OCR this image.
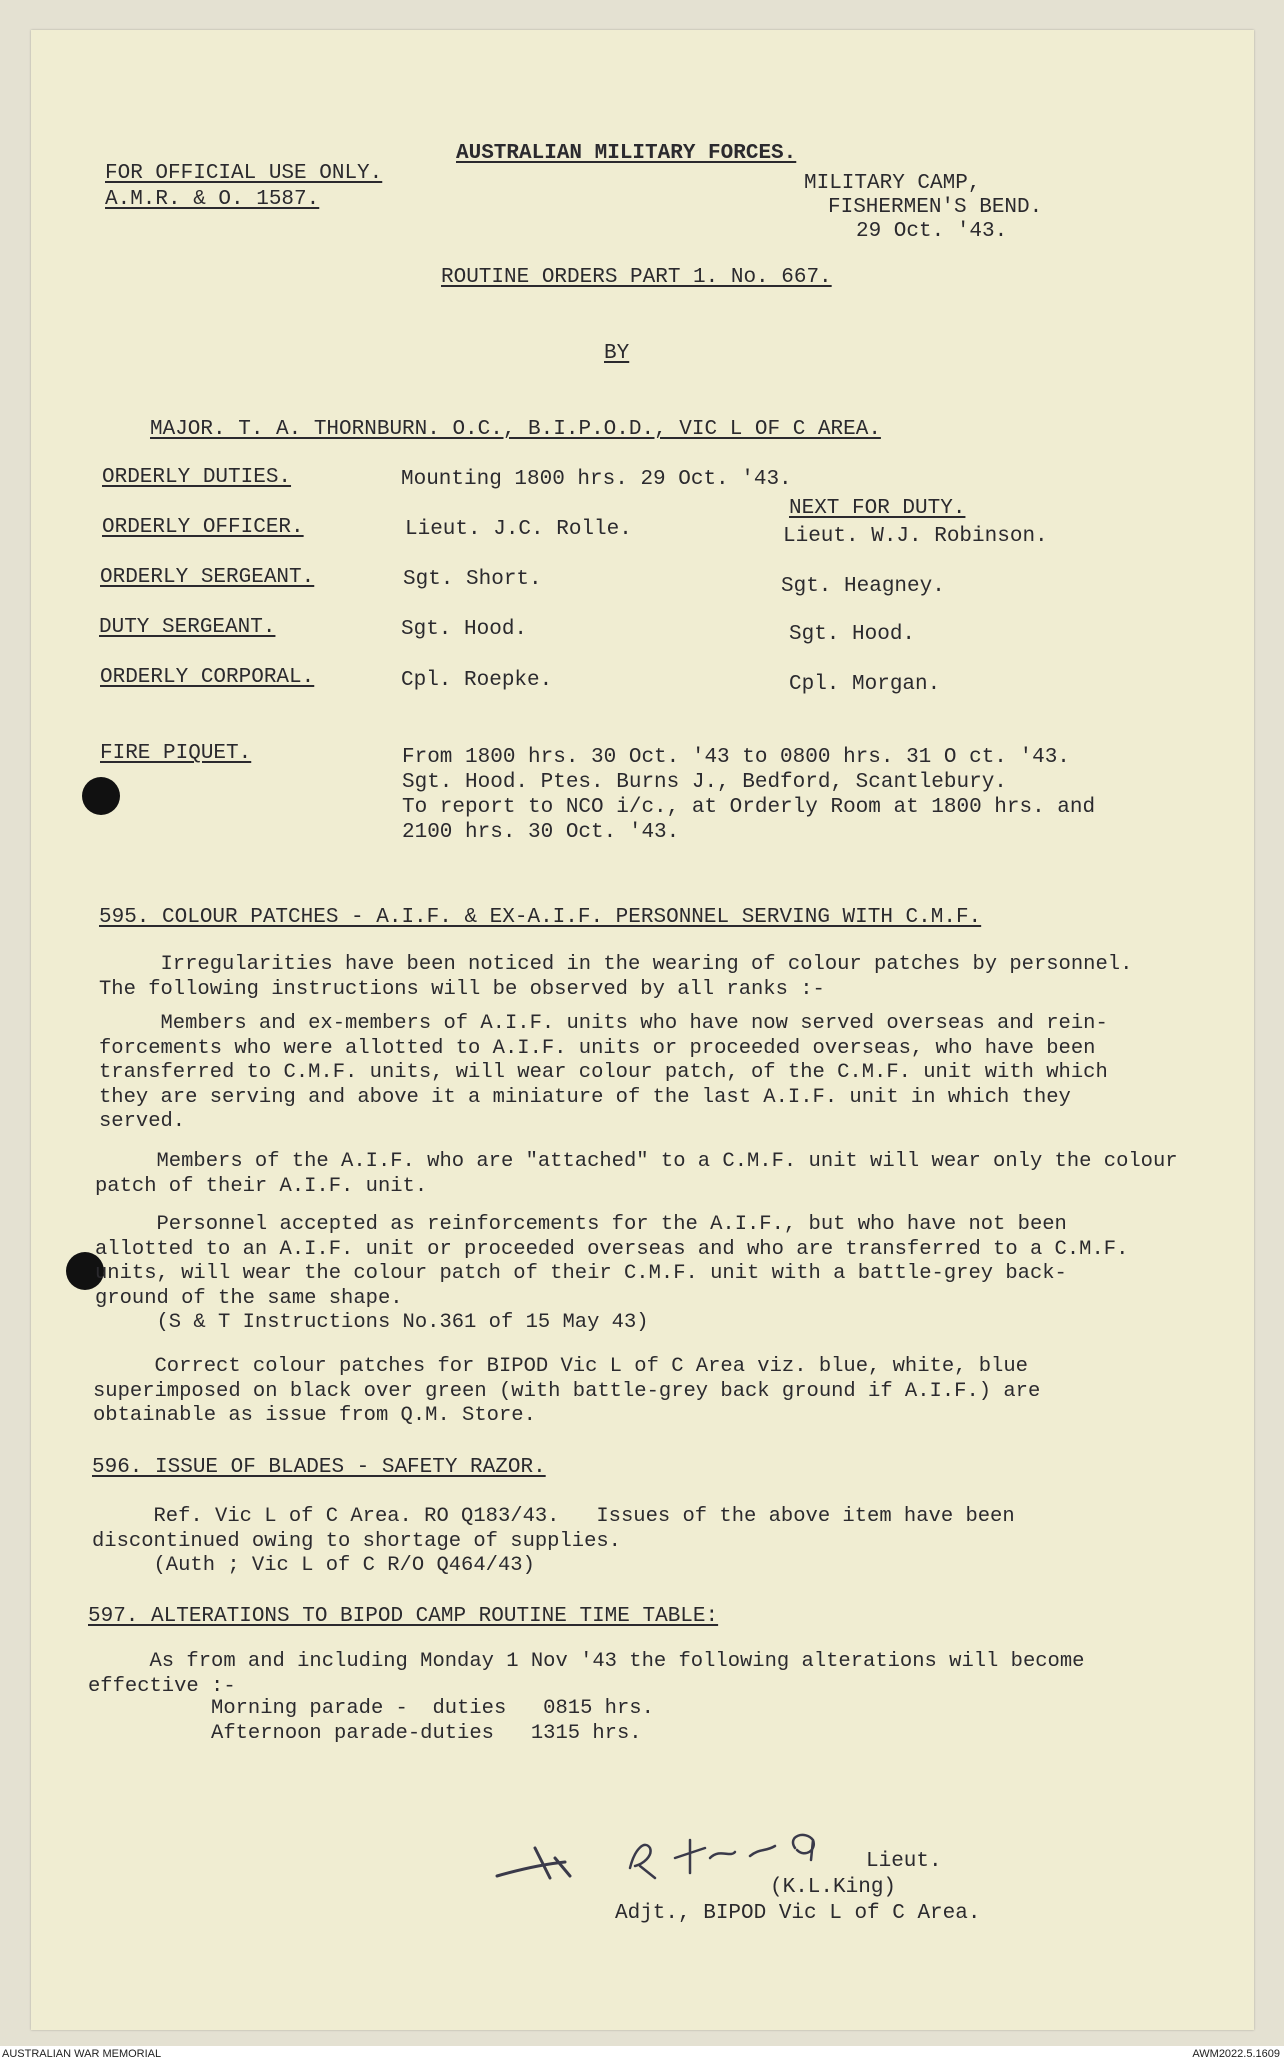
FOR OFFICIAL USE ONLY.
A.M.R. & O. 1587.
AUSTRALIAN MILITARY FORCES.
MILITARY CAMP,
FISHERMEN'S BEND.
29 Oct. '43.
ROUTINE ORDERS PART 1. No. 667.
BY
MAJOR. T. A. THORNBURN. O.C., B.I.P.O.D., VIC L OF C AREA.
ORDERLY DUTIES.	Mounting 1800 hrs. 29 Oct. '43.
NEXT FOR DUTY.
ORDERLY OFFICER.	Lieut. J.C. Rolle.	Lieut. W.J. Robinson.
ORDERLY SERGEANT.	Sgt. Short.	Sgt. Heagney.
DUTY SERGEANT.	Sgt. Hood.	Sgt. Hood.
ORDERLY CORPORAL.	Cpl. Roepke.	Cpl. Morgan.
FIRE PIQUET.	From 1800 hrs. 30 Oct. '43 to 0800 hrs. 31 O ct. '43.
Sgt. Hood. Ptes. Burns J., Bedford, Scantlebury.
To report to NCO i/c., at Orderly Room at 1800 hrs. and
2100 hrs. 30 Oct. '43.
595. COLOUR PATCHES - A.I.F. & EX-A.I.F. PERSONNEL SERVING WITH C.M.F.
Irregularities have been noticed in the wearing of colour patches by personnel.
The following instructions will be observed by all ranks :-
Members and ex-members of A.I.F. units who have now served overseas and rein-
forcements who were allotted to A.I.F. units or proceeded overseas, who have been
transferred to C.M.F. units, will wear colour patch, of the C.M.F. unit with which
they are serving and above it a miniature of the last A.I.F. unit in which they
served.
Members of the A.I.F. who are "attached" to a C.M.F. unit will wear only the colour
patch of their A.I.F. unit.
Personnel accepted as reinforcements for the A.I.F., but who have not been
allotted to an A.I.F. unit or proceeded overseas and who are transferred to a C.M.F.
units, will wear the colour patch of their C.M.F. unit with a battle-grey back-
ground of the same shape.
(S & T Instructions No.361 of 15 May 43)
Correct colour patches for BIPOD Vic L of C Area viz. blue, white, blue
superimposed on black over green (with battle-grey back ground if A.I.F.) are
obtainable as issue from Q.M. Store.
596. ISSUE OF BLADES - SAFETY RAZOR.
Ref. Vic L of C Area. RO Q183/43.   Issues of the above item have been
discontinued owing to shortage of supplies.
(Auth ; Vic L of C R/O Q464/43)
597. ALTERATIONS TO BIPOD CAMP ROUTINE TIME TABLE:
As from and including Monday 1 Nov '43 the following alterations will become
effective :-
Morning parade -  duties   0815 hrs.
Afternoon parade-duties   1315 hrs.
Lieut.
(K.L.King)
Adjt., BIPOD Vic L of C Area.
AUSTRALIAN WAR MEMORIAL	AWM2022.5.1609
